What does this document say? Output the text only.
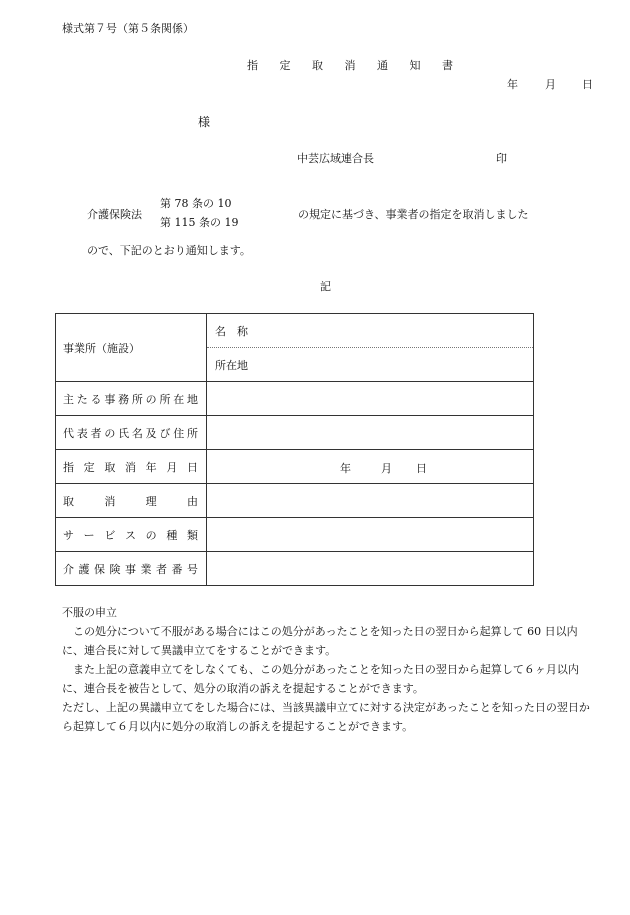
様式第７号（第５条関係）
指 定 取 消 通 知 書
年 月 日
様
中芸広域連合長	印
介護保険法
第 78 条の 10
第 115 条の 19
の規定に基づき、事業者の指定を取消しました
ので、下記のとおり通知します。
記
事業所（施設）	名　称
	所在地

主たる事務所の所在地	

代表者の氏名及び住所	

指定取消年月日	年 月 日

取消理由	

サービスの種類	

介護保険事業者番号	

不服の申立
この処分について不服がある場合にはこの処分があったことを知った日の翌日から起算して 60 日以内に、連合長に対して異議申立てをすることができます。
また上記の意義申立てをしなくても、この処分があったことを知った日の翌日から起算して６ヶ月以内に、連合長を被告として、処分の取消の訴えを提起することができます。
ただし、上記の異議申立てをした場合には、当該異議申立てに対する決定があったことを知った日の翌日から起算して６月以内に処分の取消しの訴えを提起することができます。
